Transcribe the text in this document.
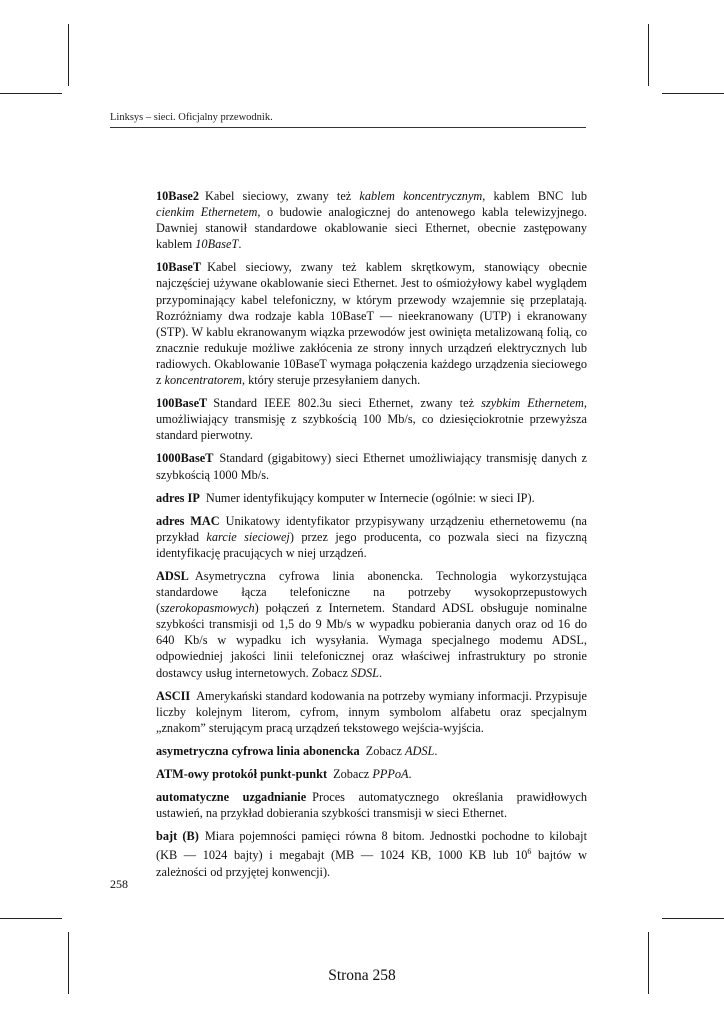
Linksys – sieci. Oficjalny przewodnik.

10Base2 Kabel sieciowy, zwany też kablem koncentrycznym, kablem BNC lub cienkim Ethernetem, o budowie analogicznej do antenowego kabla telewizyjnego. Dawniej stanowił standardowe okablowanie sieci Ethernet, obecnie zastępowany kablem 10BaseT.

10BaseT Kabel sieciowy, zwany też kablem skrętkowym, stanowiący obecnie najczęściej używane okablowanie sieci Ethernet. Jest to ośmiożyłowy kabel wyglądem przypominający kabel telefoniczny, w którym przewody wzajemnie się przeplatają. Rozróżniamy dwa rodzaje kabla 10BaseT — nieekranowany (UTP) i ekranowany (STP). W kablu ekranowanym wiązka przewodów jest owinięta metalizowaną folią, co znacznie redukuje możliwe zakłócenia ze strony innych urządzeń elektrycznych lub radiowych. Okablowanie 10BaseT wymaga połączenia każdego urządzenia sieciowego z koncentratorem, który steruje przesyłaniem danych.

100BaseT Standard IEEE 802.3u sieci Ethernet, zwany też szybkim Ethernetem, umożliwiający transmisję z szybkością 100 Mb/s, co dziesięciokrotnie przewyższa standard pierwotny.

1000BaseT Standard (gigabitowy) sieci Ethernet umożliwiający transmisję danych z szybkością 1000 Mb/s.

adres IP Numer identyfikujący komputer w Internecie (ogólnie: w sieci IP).

adres MAC Unikatowy identyfikator przypisywany urządzeniu ethernetowemu (na przykład karcie sieciowej) przez jego producenta, co pozwala sieci na fizyczną identyfikację pracujących w niej urządzeń.

ADSL Asymetryczna cyfrowa linia abonencka. Technologia wykorzystująca standardowe łącza telefoniczne na potrzeby wysokoprzepustowych (szerokopasmowych) połączeń z Internetem. Standard ADSL obsługuje nominalne szybkości transmisji od 1,5 do 9 Mb/s w wypadku pobierania danych oraz od 16 do 640 Kb/s w wypadku ich wysyłania. Wymaga specjalnego modemu ADSL, odpowiedniej jakości linii telefonicznej oraz właściwej infrastruktury po stronie dostawcy usług internetowych. Zobacz SDSL.

ASCII Amerykański standard kodowania na potrzeby wymiany informacji. Przypisuje liczby kolejnym literom, cyfrom, innym symbolom alfabetu oraz specjalnym „znakom” sterującym pracą urządzeń tekstowego wejścia-wyjścia.

asymetryczna cyfrowa linia abonencka Zobacz ADSL.

ATM-owy protokół punkt-punkt Zobacz PPPoA.

automatyczne uzgadnianie Proces automatycznego określania prawidłowych ustawień, na przykład dobierania szybkości transmisji w sieci Ethernet.

bajt (B) Miara pojemności pamięci równa 8 bitom. Jednostki pochodne to kilobajt (KB — 1024 bajty) i megabajt (MB — 1024 KB, 1000 KB lub $10^6$ bajtów w zależności od przyjętej konwencji).

258
Strona 258
